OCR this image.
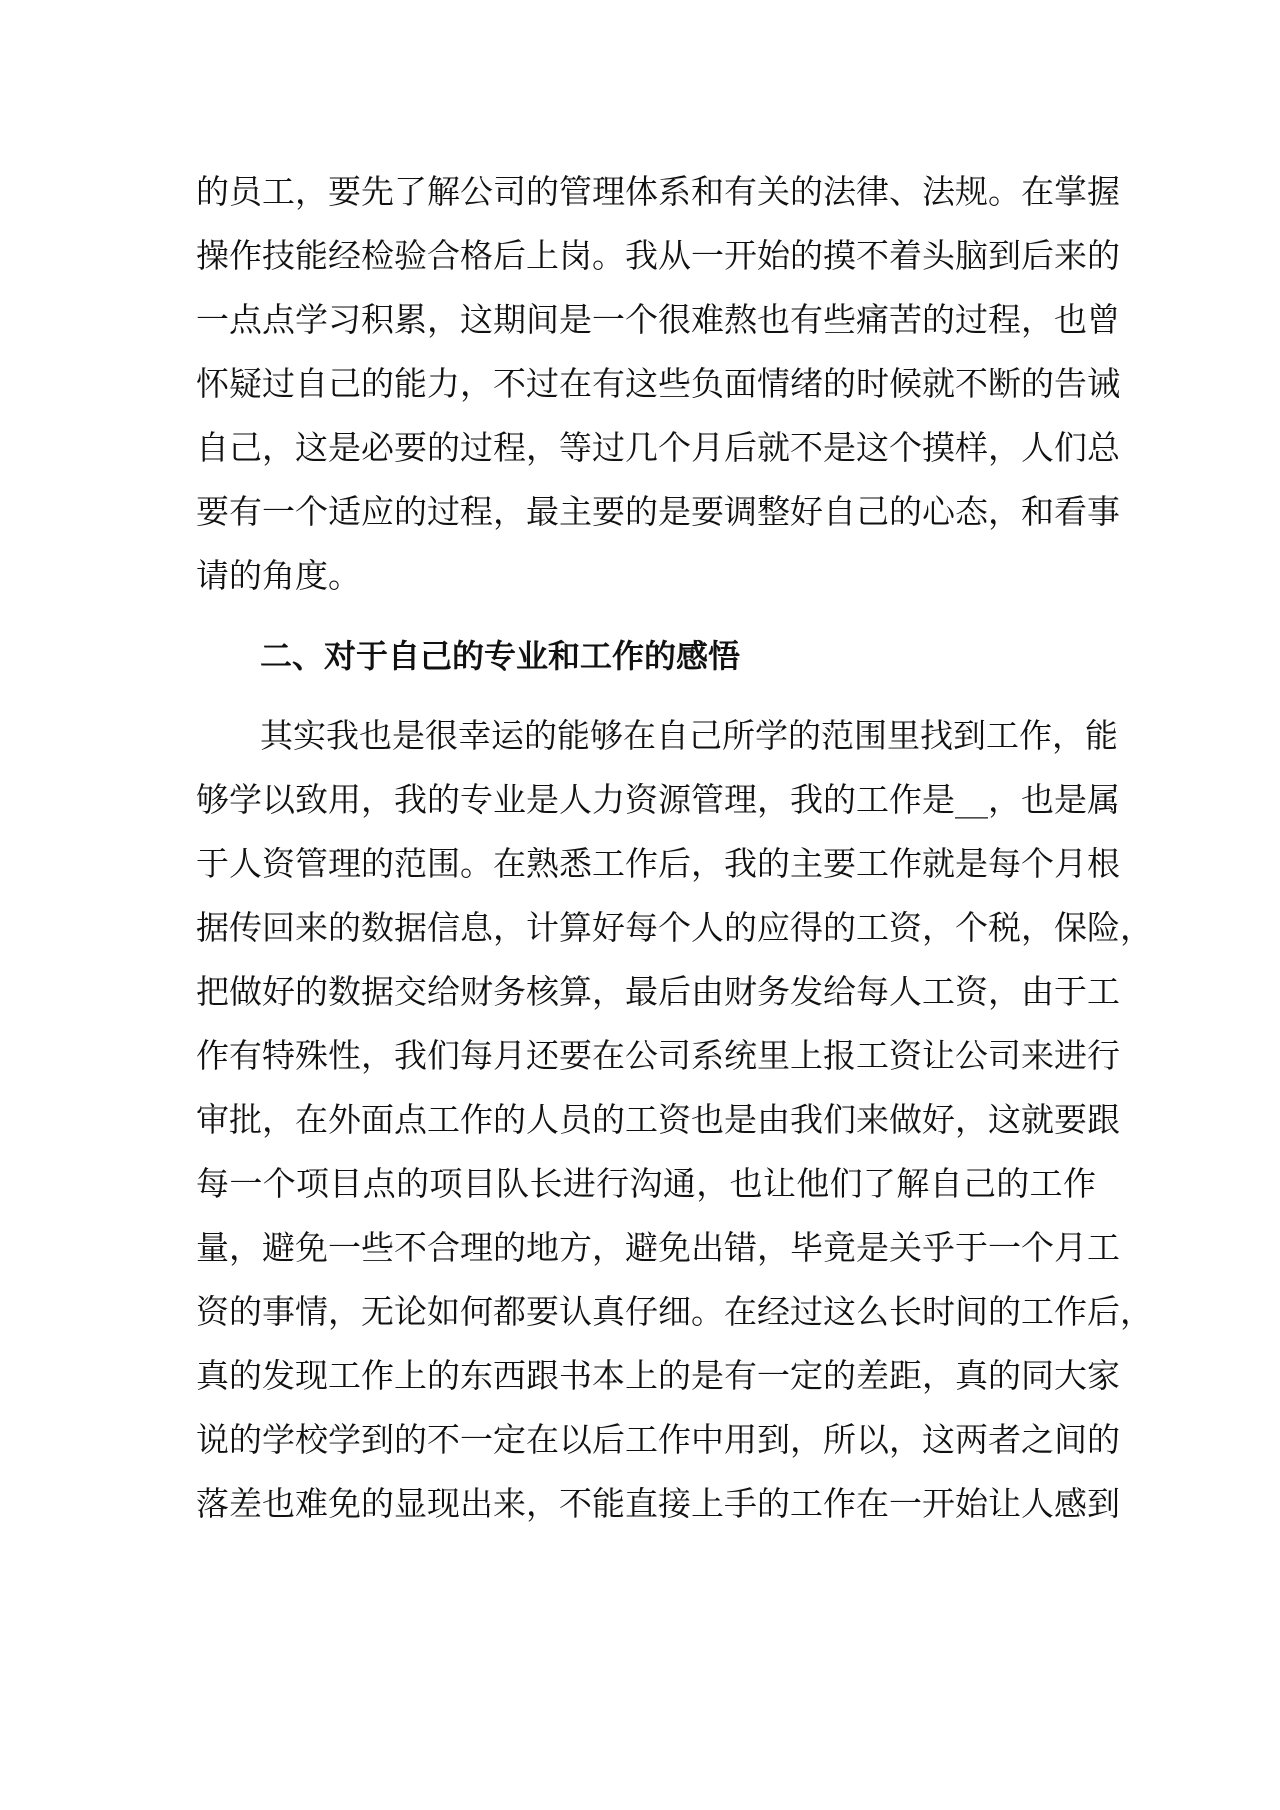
的员工，要先了解公司的管理体系和有关的法律、法规。在掌握
操作技能经检验合格后上岗。我从一开始的摸不着头脑到后来的
一点点学习积累，这期间是一个很难熬也有些痛苦的过程，也曾
怀疑过自己的能力，不过在有这些负面情绪的时候就不断的告诫
自己，这是必要的过程，等过几个月后就不是这个摸样，人们总
要有一个适应的过程，最主要的是要调整好自己的心态，和看事
请的角度。
二、对于自己的专业和工作的感悟
其实我也是很幸运的能够在自己所学的范围里找到工作，能
够学以致用，我的专业是人力资源管理，我的工作是__，也是属
于人资管理的范围。在熟悉工作后，我的主要工作就是每个月根
据传回来的数据信息，计算好每个人的应得的工资，个税，保险，
把做好的数据交给财务核算，最后由财务发给每人工资，由于工
作有特殊性，我们每月还要在公司系统里上报工资让公司来进行
审批，在外面点工作的人员的工资也是由我们来做好，这就要跟
每一个项目点的项目队长进行沟通，也让他们了解自己的工作
量，避免一些不合理的地方，避免出错，毕竟是关乎于一个月工
资的事情，无论如何都要认真仔细。在经过这么长时间的工作后，
真的发现工作上的东西跟书本上的是有一定的差距，真的同大家
说的学校学到的不一定在以后工作中用到，所以，这两者之间的
落差也难免的显现出来，不能直接上手的工作在一开始让人感到
